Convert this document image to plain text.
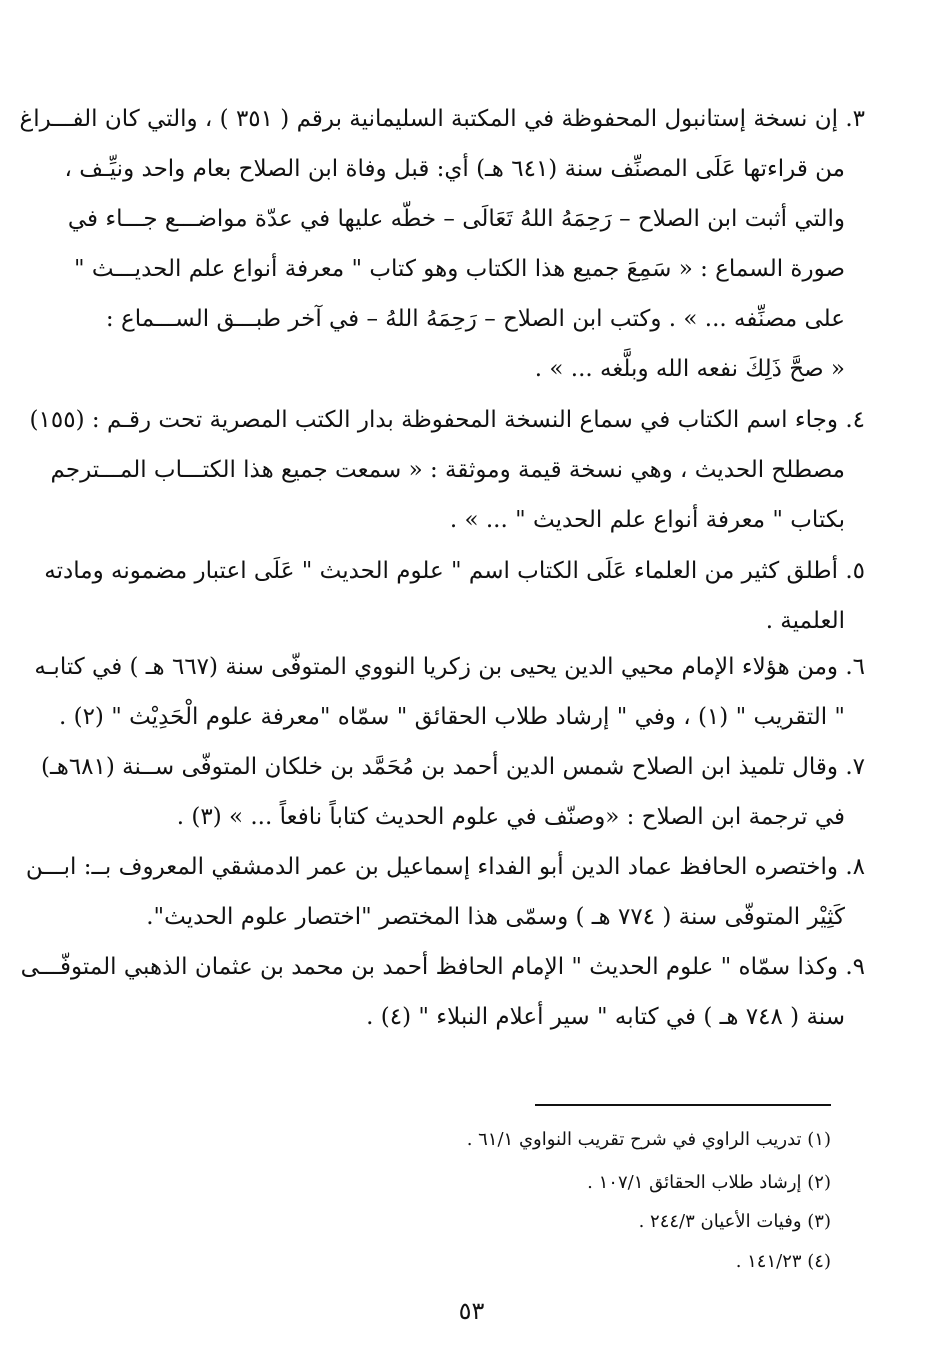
٣. إن نسخة إستانبول المحفوظة في المكتبة السليمانية برقم ( ٣٥١ ) ، والتي كان الفـــراغ
من قراءتها عَلَى المصنِّف سنة (٦٤١ هـ) أي: قبل وفاة ابن الصلاح بعام واحد ونيِّـف ،
والتي أثبت ابن الصلاح – رَحِمَهُ اللهُ تَعَالَى – خطّه عليها في عدّة مواضـــع جـــاء في
صورة السماع : « سَمِعَ جميع هذا الكتاب وهو كتاب " معرفة أنواع علم الحديـــث "
على مصنِّفه ... » . وكتب ابن الصلاح – رَحِمَهُ اللهُ – في آخر طبـــق الســـماع :
« صحَّ ذَلِكَ نفعه الله وبلَّغه ... » .
٤. وجاء اسم الكتاب في سماع النسخة المحفوظة بدار الكتب المصرية تحت رقـم : (١٥٥)
مصطلح الحديث ، وهي نسخة قيمة وموثقة : « سمعت جميع هذا الكتـــاب المـــترجم
بكتاب " معرفة أنواع علم الحديث " ... » .
٥. أطلق كثير من العلماء عَلَى الكتاب اسم " علوم الحديث " عَلَى اعتبار مضمونه ومادته
العلمية .
٦. ومن هؤلاء الإمام محيي الدين يحيى بن زكريا النووي المتوفّى سنة (٦٦٧ هـ ) في كتابـه
" التقريب " (١) ، وفي " إرشاد طلاب الحقائق " سمّاه "معرفة علوم الْحَدِيْث " (٢) .
٧. وقال تلميذ ابن الصلاح شمس الدين أحمد بن مُحَمَّد بن خلكان المتوفّى ســنة (٦٨١هـ)
في ترجمة ابن الصلاح : «وصنّف في علوم الحديث كتاباً نافعاً ... » (٣) .
٨. واختصره الحافظ عماد الدين أبو الفداء إسماعيل بن عمر الدمشقي المعروف بــ: ابـــن
كَثِيْر المتوفّى سنة ( ٧٧٤ هـ ) وسمّى هذا المختصر "اختصار علوم الحديث".
٩. وكذا سمّاه " علوم الحديث " الإمام الحافظ أحمد بن محمد بن عثمان الذهبي المتوفّـــى
سنة ( ٧٤٨ هـ ) في كتابه " سير أعلام النبلاء " (٤) .
(١) تدريب الراوي في شرح تقريب النواوي ٦١/١ .
(٢) إرشاد طلاب الحقائق ١٠٧/١ .
(٣) وفيات الأعيان ٢٤٤/٣ .
(٤) ١٤١/٢٣ .
٥٣
